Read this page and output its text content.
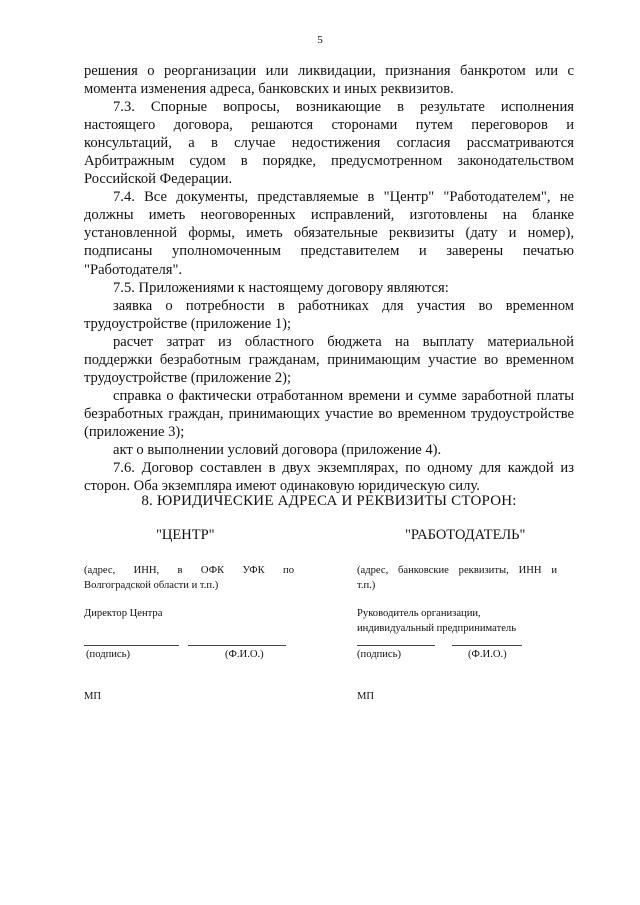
5

решения о реорганизации или ликвидации, признания банкротом или с момента изменения адреса, банковских и иных реквизитов.

7.3. Спорные вопросы, возникающие в результате исполнения настоящего договора, решаются сторонами путем переговоров и консультаций, а в случае недостижения согласия рассматриваются Арбитражным судом в порядке, предусмотренном законодательством Российской Федерации.

7.4. Все документы, представляемые в "Центр" "Работодателем", не должны иметь неоговоренных исправлений, изготовлены на бланке установленной формы, иметь обязательные реквизиты (дату и номер), подписаны уполномоченным представителем и заверены печатью "Работодателя".

7.5. Приложениями к настоящему договору являются:

заявка о потребности в работниках для участия во временном трудоустройстве (приложение 1);

расчет затрат из областного бюджета на выплату материальной поддержки безработным гражданам, принимающим участие во временном трудоустройстве (приложение 2);

справка о фактически отработанном времени и сумме заработной платы безработных граждан, принимающих участие во временном трудоустройстве (приложение 3);

акт о выполнении условий договора (приложение 4).

7.6. Договор составлен в двух экземплярах, по одному для каждой из сторон. Оба экземпляра имеют одинаковую юридическую силу.

8. ЮРИДИЧЕСКИЕ АДРЕСА И РЕКВИЗИТЫ СТОРОН:
"ЦЕНТР"
(адрес, ИНН, в ОФК УФК по
Волгоградской области и т.п.)
Директор Центра
(подпись)	(Ф.И.О.)
МП
"РАБОТОДАТЕЛЬ"
(адрес, банковские реквизиты, ИНН и
т.п.)
Руководитель организации,
индивидуальный предприниматель
(подпись)	(Ф.И.О.)
МП
